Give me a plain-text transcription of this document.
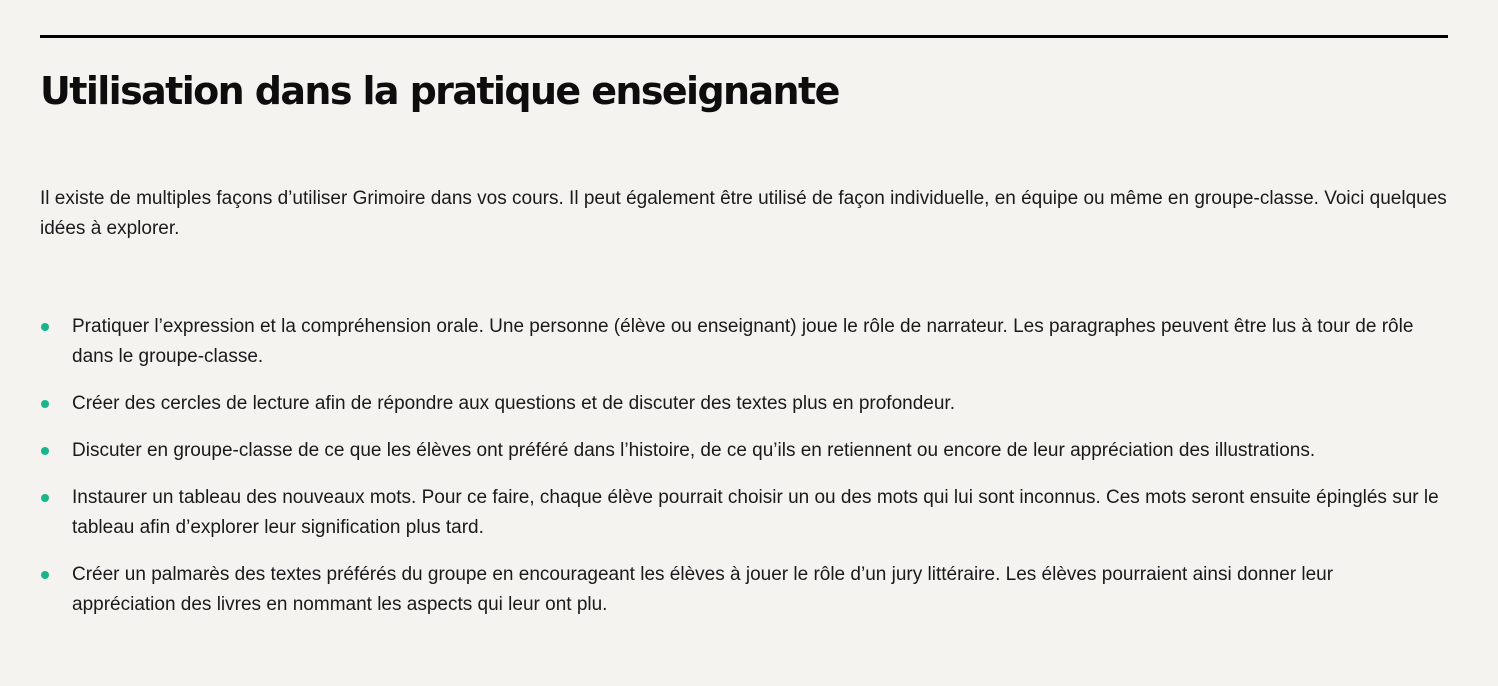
Utilisation dans la pratique enseignante

Il existe de multiples façons d’utiliser Grimoire dans vos cours. Il peut également être utilisé de façon individuelle, en équipe ou même en groupe-classe. Voici quelques idées à explorer.

Pratiquer l’expression et la compréhension orale. Une personne (élève ou enseignant) joue le rôle de narrateur. Les paragraphes peuvent être lus à tour de rôle dans le groupe-classe.
Créer des cercles de lecture afin de répondre aux questions et de discuter des textes plus en profondeur.
Discuter en groupe-classe de ce que les élèves ont préféré dans l’histoire, de ce qu’ils en retiennent ou encore de leur appréciation des illustrations.
Instaurer un tableau des nouveaux mots. Pour ce faire, chaque élève pourrait choisir un ou des mots qui lui sont inconnus. Ces mots seront ensuite épinglés sur le tableau afin d’explorer leur signification plus tard.
Créer un palmarès des textes préférés du groupe en encourageant les élèves à jouer le rôle d’un jury littéraire. Les élèves pourraient ainsi donner leur appréciation des livres en nommant les aspects qui leur ont plu.
